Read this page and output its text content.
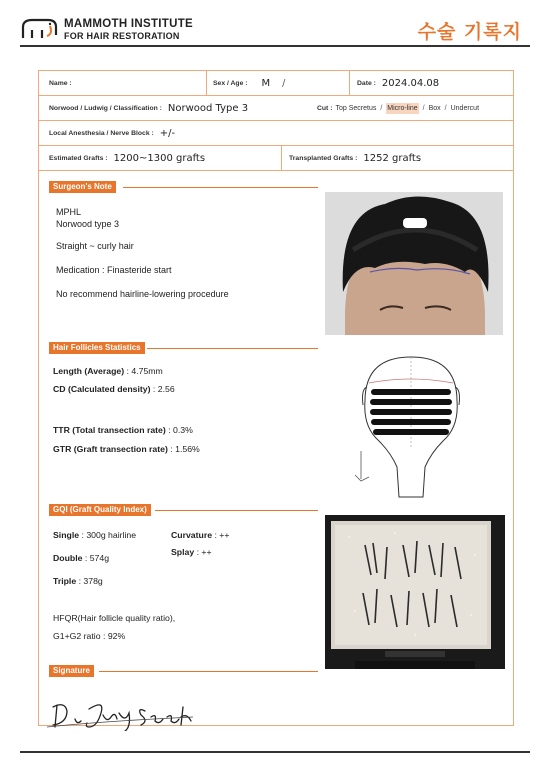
MAMMOTH INSTITUTE
FOR HAIR RESTORATION	수술 기록지
Name :	Sex / Age : M /	Date : 2024.04.08
Norwood / Ludwig / Classification : Norwood Type 3	Cut : Top Secretus / Micro-line / Box / Undercut
Local Anesthesia / Nerve Block : +/-
Estimated Grafts : 1200~1300 grafts	Transplanted Grafts : 1252 grafts
Surgeon's Note
MPHL
Norwood type 3
Straight ~ curly hair
Medication : Finasteride start
No recommend hairline-lowering procedure
Hair Follicles Statistics
Length (Average) : 4.75mm
CD (Calculated density) : 2.56
TTR (Total transection rate) : 0.3%
GTR (Graft transection rate) : 1.56%
GQI (Graft Quality Index)
Single : 300g hairline	Curvature : ++
Splay : ++
Double : 574g
Triple : 378g
HFQR(Hair follicle quality ratio),
G1+G2 ratio : 92%
Signature
